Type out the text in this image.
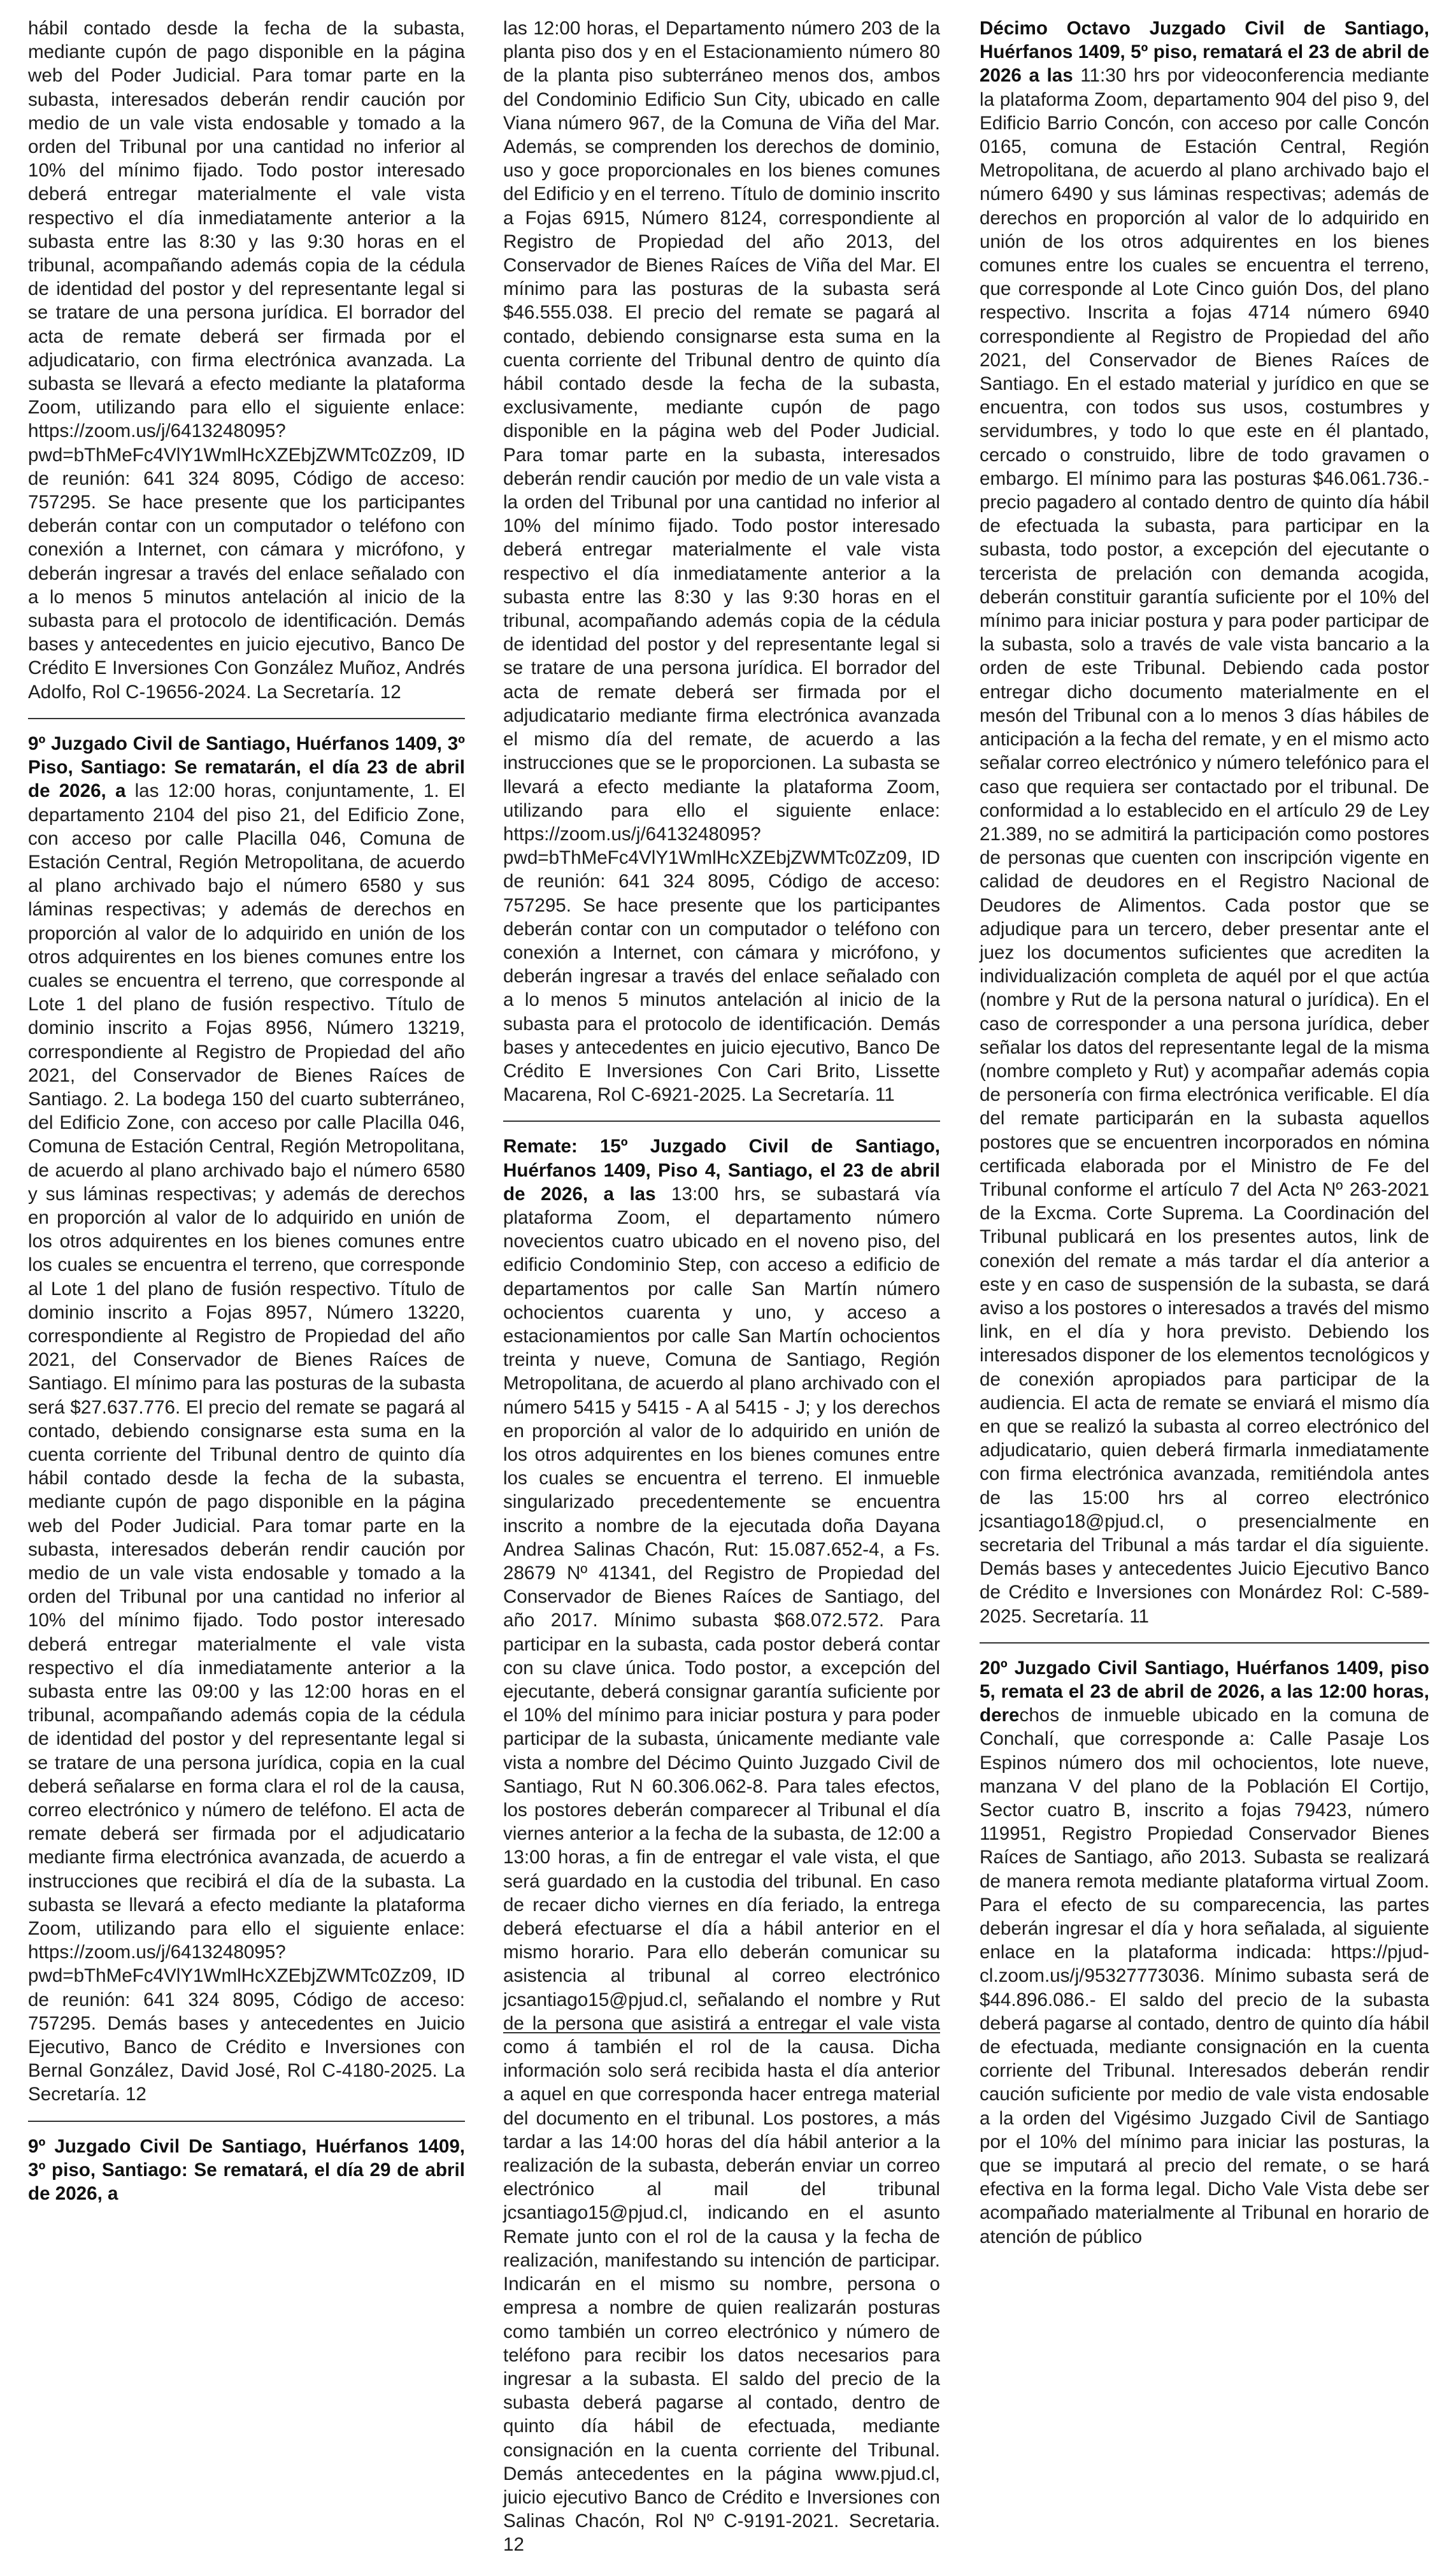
hábil contado desde la fecha de la subasta, mediante cupón de pago disponible en la página web del Poder Judicial. Para tomar parte en la subasta, interesados deberán rendir caución por medio de un vale vista endosable y tomado a la orden del Tribunal por una cantidad no inferior al 10% del mínimo fijado. Todo postor interesado deberá entregar materialmente el vale vista respectivo el día inmediatamente anterior a la subasta entre las 8:30 y las 9:30 horas en el tribunal, acompañando además copia de la cédula de identidad del postor y del representante legal si se tratare de una persona jurídica. El borrador del acta de remate deberá ser firmada por el adjudicatario, con firma electrónica avanzada. La subasta se llevará a efecto mediante la plataforma Zoom, utilizando para ello el siguiente enlace: https://zoom.us/j/6413248095?pwd=bThMeFc4VlY1WmlHcXZEbjZWMTc0Zz09, ID de reunión: 641 324 8095, Código de acceso: 757295. Se hace presente que los participantes deberán contar con un computador o teléfono con conexión a Internet, con cámara y micrófono, y deberán ingresar a través del enlace señalado con a lo menos 5 minutos antelación al inicio de la subasta para el protocolo de identificación. Demás bases y antecedentes en juicio ejecutivo, Banco De Crédito E Inversiones Con González Muñoz, Andrés Adolfo, Rol C-19656-2024. La Secretaría. 12

9º Juzgado Civil de Santiago, Huérfanos 1409, 3º Piso, Santiago: Se rematarán, el día 23 de abril de 2026, a las 12:00 horas, conjuntamente, 1. El departamento 2104 del piso 21, del Edificio Zone, con acceso por calle Placilla 046, Comuna de Estación Central, Región Metropolitana, de acuerdo al plano archivado bajo el número 6580 y sus láminas respectivas; y además de derechos en proporción al valor de lo adquirido en unión de los otros adquirentes en los bienes comunes entre los cuales se encuentra el terreno, que corresponde al Lote 1 del plano de fusión respectivo. Título de dominio inscrito a Fojas 8956, Número 13219, correspondiente al Registro de Propiedad del año 2021, del Conservador de Bienes Raíces de Santiago. 2. La bodega 150 del cuarto subterráneo, del Edificio Zone, con acceso por calle Placilla 046, Comuna de Estación Central, Región Metropolitana, de acuerdo al plano archivado bajo el número 6580 y sus láminas respectivas; y además de derechos en proporción al valor de lo adquirido en unión de los otros adquirentes en los bienes comunes entre los cuales se encuentra el terreno, que corresponde al Lote 1 del plano de fusión respectivo. Título de dominio inscrito a Fojas 8957, Número 13220, correspondiente al Registro de Propiedad del año 2021, del Conservador de Bienes Raíces de Santiago. El mínimo para las posturas de la subasta será $27.637.776. El precio del remate se pagará al contado, debiendo consignarse esta suma en la cuenta corriente del Tribunal dentro de quinto día hábil contado desde la fecha de la subasta, mediante cupón de pago disponible en la página web del Poder Judicial. Para tomar parte en la subasta, interesados deberán rendir caución por medio de un vale vista endosable y tomado a la orden del Tribunal por una cantidad no inferior al 10% del mínimo fijado. Todo postor interesado deberá entregar materialmente el vale vista respectivo el día inmediatamente anterior a la subasta entre las 09:00 y las 12:00 horas en el tribunal, acompañando además copia de la cédula de identidad del postor y del representante legal si se tratare de una persona jurídica, copia en la cual deberá señalarse en forma clara el rol de la causa, correo electrónico y número de teléfono. El acta de remate deberá ser firmada por el adjudicatario mediante firma electrónica avanzada, de acuerdo a instrucciones que recibirá el día de la subasta. La subasta se llevará a efecto mediante la plataforma Zoom, utilizando para ello el siguiente enlace: https://zoom.us/j/6413248095?pwd=bThMeFc4VlY1WmlHcXZEbjZWMTc0Zz09, ID de reunión: 641 324 8095, Código de acceso: 757295. Demás bases y antecedentes en Juicio Ejecutivo, Banco de Crédito e Inversiones con Bernal González, David José, Rol C-4180-2025. La Secretaría. 12

9º Juzgado Civil De Santiago, Huérfanos 1409, 3º piso, Santiago: Se rematará, el día 29 de abril de 2026, a

las 12:00 horas, el Departamento número 203 de la planta piso dos y en el Estacionamiento número 80 de la planta piso subterráneo menos dos, ambos del Condominio Edificio Sun City, ubicado en calle Viana número 967, de la Comuna de Viña del Mar. Además, se comprenden los derechos de dominio, uso y goce proporcionales en los bienes comunes del Edificio y en el terreno. Título de dominio inscrito a Fojas 6915, Número 8124, correspondiente al Registro de Propiedad del año 2013, del Conservador de Bienes Raíces de Viña del Mar. El mínimo para las posturas de la subasta será $46.555.038. El precio del remate se pagará al contado, debiendo consignarse esta suma en la cuenta corriente del Tribunal dentro de quinto día hábil contado desde la fecha de la subasta, exclusivamente, mediante cupón de pago disponible en la página web del Poder Judicial. Para tomar parte en la subasta, interesados deberán rendir caución por medio de un vale vista a la orden del Tribunal por una cantidad no inferior al 10% del mínimo fijado. Todo postor interesado deberá entregar materialmente el vale vista respectivo el día inmediatamente anterior a la subasta entre las 8:30 y las 9:30 horas en el tribunal, acompañando además copia de la cédula de identidad del postor y del representante legal si se tratare de una persona jurídica. El borrador del acta de remate deberá ser firmada por el adjudicatario mediante firma electrónica avanzada el mismo día del remate, de acuerdo a las instrucciones que se le proporcionen. La subasta se llevará a efecto mediante la plataforma Zoom, utilizando para ello el siguiente enlace: https://zoom.us/j/6413248095?pwd=bThMeFc4VlY1WmlHcXZEbjZWMTc0Zz09, ID de reunión: 641 324 8095, Código de acceso: 757295. Se hace presente que los participantes deberán contar con un computador o teléfono con conexión a Internet, con cámara y micrófono, y deberán ingresar a través del enlace señalado con a lo menos 5 minutos antelación al inicio de la subasta para el protocolo de identificación. Demás bases y antecedentes en juicio ejecutivo, Banco De Crédito E Inversiones Con Cari Brito, Lissette Macarena, Rol C-6921-2025. La Secretaría. 11

Remate: 15º Juzgado Civil de Santiago, Huérfanos 1409, Piso 4, Santiago, el 23 de abril de 2026, a las 13:00 hrs, se subastará vía plataforma Zoom, el departamento número novecientos cuatro ubicado en el noveno piso, del edificio Condominio Step, con acceso a edificio de departamentos por calle San Martín número ochocientos cuarenta y uno, y acceso a estacionamientos por calle San Martín ochocientos treinta y nueve, Comuna de Santiago, Región Metropolitana, de acuerdo al plano archivado con el número 5415 y 5415 - A al 5415 - J; y los derechos en proporción al valor de lo adquirido en unión de los otros adquirentes en los bienes comunes entre los cuales se encuentra el terreno. El inmueble singularizado precedentemente se encuentra inscrito a nombre de la ejecutada doña Dayana Andrea Salinas Chacón, Rut: 15.087.652-4, a Fs. 28679 Nº 41341, del Registro de Propiedad del Conservador de Bienes Raíces de Santiago, del año 2017. Mínimo subasta $68.072.572. Para participar en la subasta, cada postor deberá contar con su clave única. Todo postor, a excepción del ejecutante, deberá consignar garantía suficiente por el 10% del mínimo para iniciar postura y para poder participar de la subasta, únicamente mediante vale vista a nombre del Décimo Quinto Juzgado Civil de Santiago, Rut N 60.306.062-8. Para tales efectos, los postores deberán comparecer al Tribunal el día viernes anterior a la fecha de la subasta, de 12:00 a 13:00 horas, a fin de entregar el vale vista, el que será guardado en la custodia del tribunal. En caso de recaer dicho viernes en día feriado, la entrega deberá efectuarse el día a hábil anterior en el mismo horario. Para ello deberán comunicar su asistencia al tribunal al correo electrónico jcsantiago15@pjud.cl, señalando el nombre y Rut de la persona que asistirá a entregar el vale vista como á también el rol de la causa. Dicha información solo será recibida hasta el día anterior a aquel en que corresponda hacer entrega material del documento en el tribunal. Los postores, a más tardar a las 14:00 horas del día hábil anterior a la realización de la subasta, deberán enviar un correo electrónico al mail del tribunal jcsantiago15@pjud.cl, indicando en el asunto Remate junto con el rol de la causa y la fecha de realización, manifestando su intención de participar. Indicarán en el mismo su nombre, persona o empresa a nombre de quien realizarán posturas como también un correo electrónico y número de teléfono para recibir los datos necesarios para ingresar a la subasta. El saldo del precio de la subasta deberá pagarse al contado, dentro de quinto día hábil de efectuada, mediante consignación en la cuenta corriente del Tribunal. Demás antecedentes en la página www.pjud.cl, juicio ejecutivo Banco de Crédito e Inversiones con Salinas Chacón, Rol Nº C-9191-2021. Secretaria. 12

Décimo Octavo Juzgado Civil de Santiago, Huérfanos 1409, 5º piso, rematará el 23 de abril de 2026 a las 11:30 hrs por videoconferencia mediante la plataforma Zoom, departamento 904 del piso 9, del Edificio Barrio Concón, con acceso por calle Concón 0165, comuna de Estación Central, Región Metropolitana, de acuerdo al plano archivado bajo el número 6490 y sus láminas respectivas; además de derechos en proporción al valor de lo adquirido en unión de los otros adquirentes en los bienes comunes entre los cuales se encuentra el terreno, que corresponde al Lote Cinco guión Dos, del plano respectivo. Inscrita a fojas 4714 número 6940 correspondiente al Registro de Propiedad del año 2021, del Conservador de Bienes Raíces de Santiago. En el estado material y jurídico en que se encuentra, con todos sus usos, costumbres y servidumbres, y todo lo que este en él plantado, cercado o construido, libre de todo gravamen o embargo. El mínimo para las posturas $46.061.736.- precio pagadero al contado dentro de quinto día hábil de efectuada la subasta, para participar en la subasta, todo postor, a excepción del ejecutante o tercerista de prelación con demanda acogida, deberán constituir garantía suficiente por el 10% del mínimo para iniciar postura y para poder participar de la subasta, solo a través de vale vista bancario a la orden de este Tribunal. Debiendo cada postor entregar dicho documento materialmente en el mesón del Tribunal con a lo menos 3 días hábiles de anticipación a la fecha del remate, y en el mismo acto señalar correo electrónico y número telefónico para el caso que requiera ser contactado por el tribunal. De conformidad a lo establecido en el artículo 29 de Ley 21.389, no se admitirá la participación como postores de personas que cuenten con inscripción vigente en calidad de deudores en el Registro Nacional de Deudores de Alimentos. Cada postor que se adjudique para un tercero, deber presentar ante el juez los documentos suficientes que acrediten la individualización completa de aquél por el que actúa (nombre y Rut de la persona natural o jurídica). En el caso de corresponder a una persona jurídica, deber señalar los datos del representante legal de la misma (nombre completo y Rut) y acompañar además copia de personería con firma electrónica verificable. El día del remate participarán en la subasta aquellos postores que se encuentren incorporados en nómina certificada elaborada por el Ministro de Fe del Tribunal conforme el artículo 7 del Acta Nº 263-2021 de la Excma. Corte Suprema. La Coordinación del Tribunal publicará en los presentes autos, link de conexión del remate a más tardar el día anterior a este y en caso de suspensión de la subasta, se dará aviso a los postores o interesados a través del mismo link, en el día y hora previsto. Debiendo los interesados disponer de los elementos tecnológicos y de conexión apropiados para participar de la audiencia. El acta de remate se enviará el mismo día en que se realizó la subasta al correo electrónico del adjudicatario, quien deberá firmarla inmediatamente con firma electrónica avanzada, remitiéndola antes de las 15:00 hrs al correo electrónico jcsantiago18@pjud.cl, o presencialmente en secretaria del Tribunal a más tardar el día siguiente. Demás bases y antecedentes Juicio Ejecutivo Banco de Crédito e Inversiones con Monárdez Rol: C-589-2025. Secretaría. 11

20º Juzgado Civil Santiago, Huérfanos 1409, piso 5, remata el 23 de abril de 2026, a las 12:00 horas, derechos de inmueble ubicado en la comuna de Conchalí, que corresponde a: Calle Pasaje Los Espinos número dos mil ochocientos, lote nueve, manzana V del plano de la Población El Cortijo, Sector cuatro B, inscrito a fojas 79423, número 119951, Registro Propiedad Conservador Bienes Raíces de Santiago, año 2013. Subasta se realizará de manera remota mediante plataforma virtual Zoom. Para el efecto de su comparecencia, las partes deberán ingresar el día y hora señalada, al siguiente enlace en la plataforma indicada: https://pjud-cl.zoom.us/j/95327773036. Mínimo subasta será de $44.896.086.- El saldo del precio de la subasta deberá pagarse al contado, dentro de quinto día hábil de efectuada, mediante consignación en la cuenta corriente del Tribunal. Interesados deberán rendir caución suficiente por medio de vale vista endosable a la orden del Vigésimo Juzgado Civil de Santiago por el 10% del mínimo para iniciar las posturas, la que se imputará al precio del remate, o se hará efectiva en la forma legal. Dicho Vale Vista debe ser acompañado materialmente al Tribunal en horario de atención de público
